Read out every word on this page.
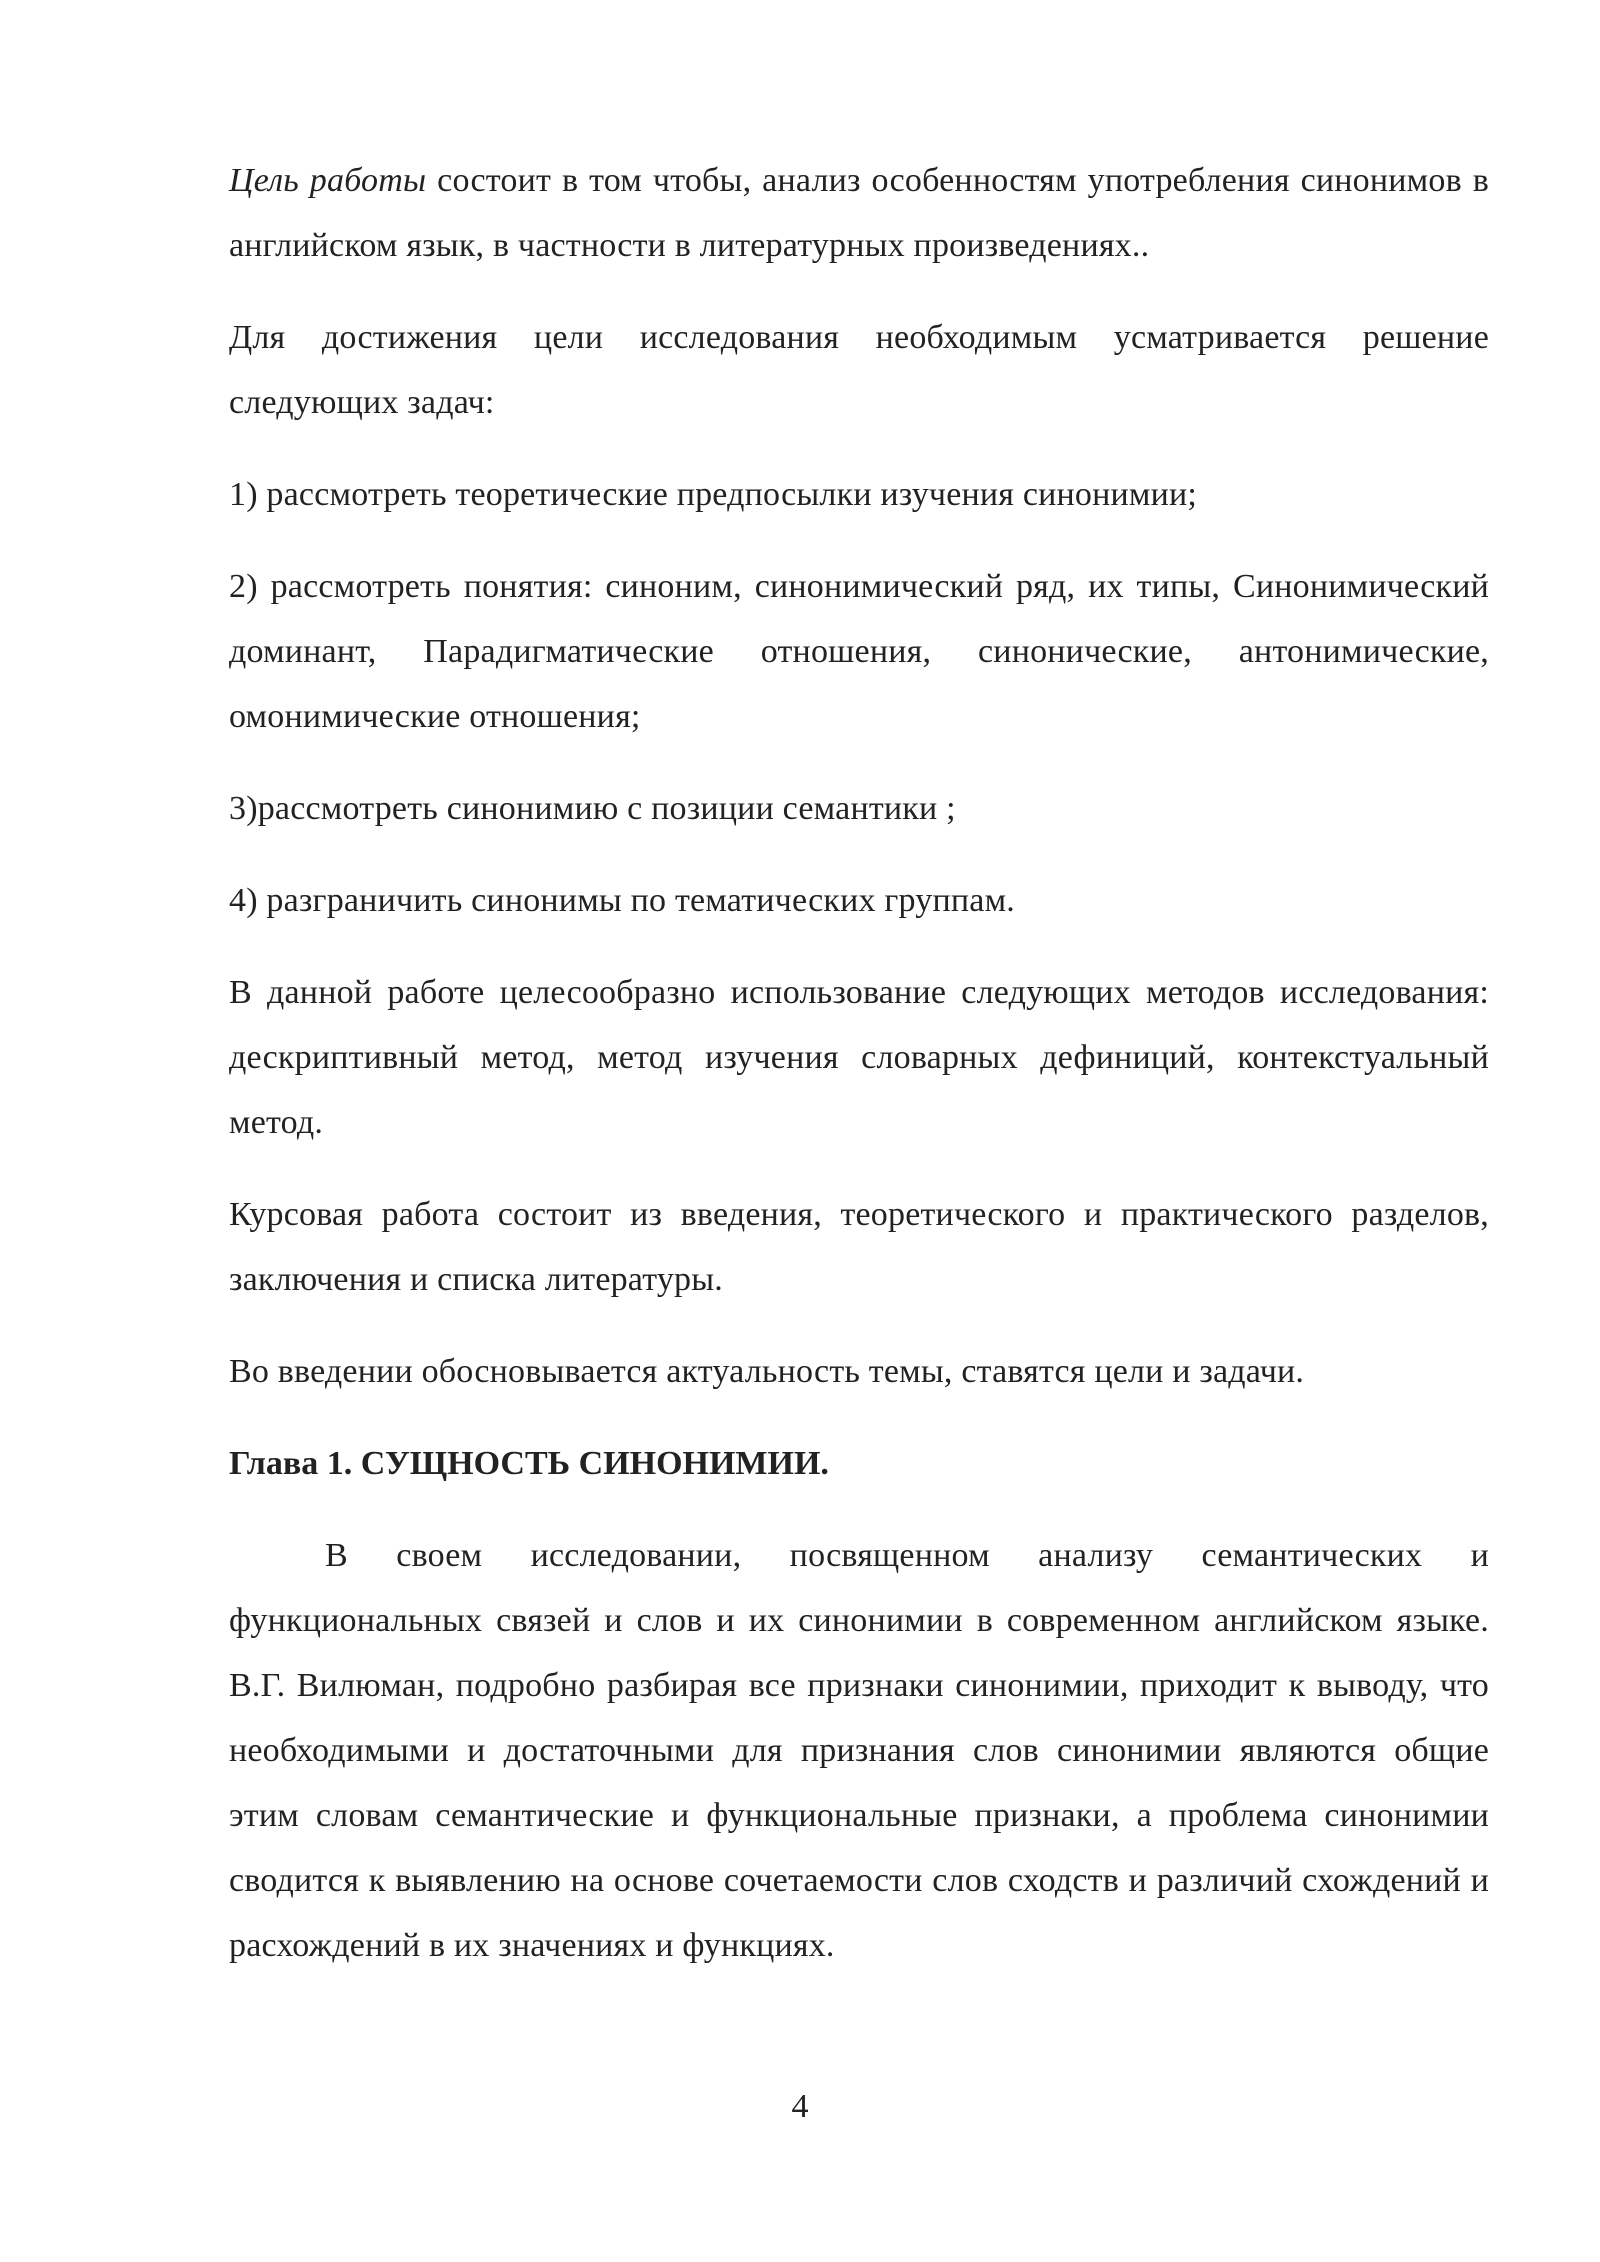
Цель работы состоит в том чтобы, анализ особенностям употребления синонимов в английском язык, в частности в литературных произведениях..

Для достижения цели исследования необходимым усматривается решение следующих задач:

1) рассмотреть теоретические предпосылки изучения синонимии;

2) рассмотреть понятия: синоним, синонимический ряд, их типы, Синонимический доминант, Парадигматические отношения, синонические, антонимические, омонимические отношения;

3)рассмотреть синонимию с позиции семантики ;

4) разграничить синонимы по тематических группам.

В данной работе целесообразно использование следующих методов исследования: дескриптивный метод, метод изучения словарных дефиниций, контекстуальный метод.

Курсовая работа состоит из введения, теоретического и практического разделов, заключения и списка литературы.

Во введении обосновывается актуальность темы, ставятся цели и задачи.

Глава 1. СУЩНОСТЬ СИНОНИМИИ.

В своем исследовании, посвященном анализу семантических и функциональных связей и слов и их синонимии в современном английском языке. В.Г. Вилюман, подробно разбирая все признаки синонимии, приходит к выводу, что необходимыми и достаточными для признания слов синонимии являются общие этим словам семантические и функциональные признаки, а проблема синонимии сводится к выявлению на основе сочетаемости слов сходств и различий схождений и расхождений в их значениях и функциях.

4
